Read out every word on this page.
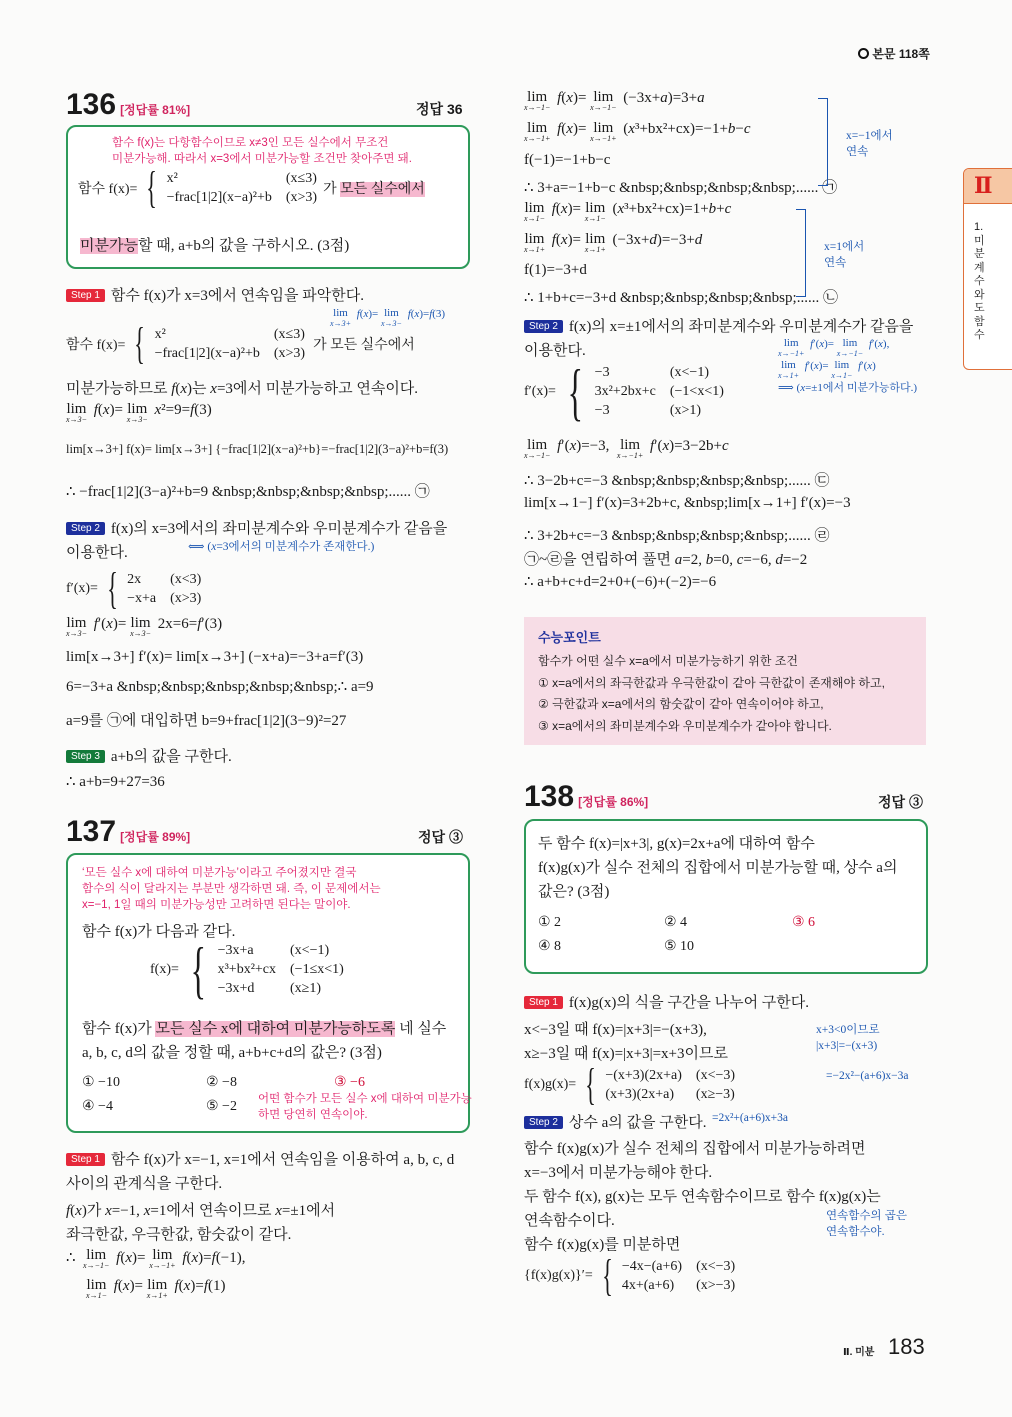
본문 118쪽
Ⅱ
1.
미
분
계
수
와
도
함
수
136 [정답률 81%]	정답 36
함수 f(x)는 다항함수이므로 x≠3인 모든 실수에서 무조건
미분가능해. 따라서 x=3에서 미분가능할 조건만 찾아주면 돼.
함수 f(x)= { x²	(x≤3)
−frac[1|2](x−a)²+b (x>3) 가 모든 실수에서
미분가능할 때, a+b의 값을 구하시오. (3점)
Step 1 함수 f(x)가 x=3에서 연속임을 파악한다.
lim
x→3+
f(x)= lim
x→3−
f(x)=f(3)
함수 f(x)= { x²	(x≤3)
−frac[1|2](x−a)²+b (x>3) 가 모든 실수에서
미분가능하므로 f(x)는 x=3에서 미분가능하고 연속이다.
lim
x→3−
f(x)= lim
x→3−
x²=9=f(3)
lim[x→3+] f(x)= lim[x→3+] {−frac[1|2](x−a)²+b}=−frac[1|2](3−a)²+b=f(3)
∴ −frac[1|2](3−a)²+b=9 &nbsp;&nbsp;&nbsp;&nbsp;...... ㉠
Step 2 f(x)의 x=3에서의 좌미분계수와 우미분계수가 같음을
이용한다.	⟺ (x=3에서의 미분계수가 존재한다.)
f′(x)= { 2x	(x<3)
−x+a (x>3)
lim
x→3−
f′(x)= lim
x→3−
2x=6=f′(3)
lim[x→3+] f′(x)= lim[x→3+] (−x+a)=−3+a=f′(3)
6=−3+a &nbsp;&nbsp;&nbsp;&nbsp;&nbsp;∴ a=9
a=9를 ㉠에 대입하면 b=9+frac[1|2](3−9)²=27
Step 3 a+b의 값을 구한다.
∴ a+b=9+27=36
137 [정답률 89%]	정답 ③
‘모든 실수 x에 대하여 미분가능’이라고 주어졌지만 결국
함수의 식이 달라지는 부분만 생각하면 돼. 즉, 이 문제에서는
x=−1, 1일 때의 미분가능성만 고려하면 된다는 말이야.
함수 f(x)가 다음과 같다.
f(x)= { −3x+a	(x<−1)
x³+bx²+cx (−1≤x<1)
−3x+d	(x≥1)
함수 f(x)가 모든 실수 x에 대하여 미분가능하도록 네 실수
a, b, c, d의 값을 정할 때, a+b+c+d의 값은? (3점)
① −10	② −8	③ −6
④ −4	⑤ −2 어떤 함수가 모든 실수 x에 대하여 미분가능
하면 당연히 연속이야.
Step 1 함수 f(x)가 x=−1, x=1에서 연속임을 이용하여 a, b, c, d
사이의 관계식을 구한다.
f(x)가 x=−1, x=1에서 연속이므로 x=±1에서
좌극한값, 우극한값, 함숫값이 같다.
∴ lim
x→−1− f(x)= lim
x→−1+ f(x)=f(−1),
lim
x→1−
f(x)= lim
x→1+
f(x)=f(1)
lim
x→−1−
f(x)= lim
x→−1−
(−3x+a)=3+a
lim
x→−1+
f(x)= lim
x→−1+
(x³+bx²+cx)=−1+b−c
f(−1)=−1+b−c
∴ 3+a=−1+b−c &nbsp;&nbsp;&nbsp;&nbsp;...... ㉠
lim
x→1−
f(x)= lim
x→1−
(x³+bx²+cx)=1+b+c
lim
x→1+
f(x)= lim
x→1+
(−3x+d)=−3+d
f(1)=−3+d
∴ 1+b+c=−3+d &nbsp;&nbsp;&nbsp;&nbsp;...... ㉡
x=−1에서
연속
x=1에서
연속
Step 2 f(x)의 x=±1에서의 좌미분계수와 우미분계수가 같음을
이용한다.	lim
x→−1+
f′(x)= lim
x→−1−
f′(x),
lim
x→1+
f′(x)= lim
x→1−
f′(x)
⟹ (x=±1에서 미분가능하다.)
f′(x)= { −3	(x<−1)
3x²+2bx+c (−1<x<1)
−3	(x>1)
lim
x→−1−
f′(x)=−3, lim
x→−1+
f′(x)=3−2b+c
∴ 3−2b+c=−3 &nbsp;&nbsp;&nbsp;&nbsp;...... ㉢
lim[x→1−] f′(x)=3+2b+c, &nbsp;lim[x→1+] f′(x)=−3
∴ 3+2b+c=−3 &nbsp;&nbsp;&nbsp;&nbsp;...... ㉣
㉠~㉣을 연립하여 풀면 a=2, b=0, c=−6, d=−2
∴ a+b+c+d=2+0+(−6)+(−2)=−6
수능포인트
함수가 어떤 실수 x=a에서 미분가능하기 위한 조건
① x=a에서의 좌극한값과 우극한값이 같아 극한값이 존재해야 하고,
② 극한값과 x=a에서의 함숫값이 같아 연속이어야 하고,
③ x=a에서의 좌미분계수와 우미분계수가 같아야 합니다.
138 [정답률 86%]	정답 ③
두 함수 f(x)=|x+3|, g(x)=2x+a에 대하여 함수
f(x)g(x)가 실수 전체의 집합에서 미분가능할 때, 상수 a의
값은? (3점)
① 2	② 4	③ 6
④ 8	⑤ 10
Step 1 f(x)g(x)의 식을 구간을 나누어 구한다.
x<−3일 때 f(x)=|x+3|=−(x+3),
x≥−3일 때 f(x)=|x+3|=x+3이므로
x+3<0이므로
|x+3|=−(x+3)
f(x)g(x)= { −(x+3)(2x+a) (x<−3)
(x+3)(2x+a)	(x≥−3)
=−2x²−(a+6)x−3a
Step 2 상수 a의 값을 구한다. =2x²+(a+6)x+3a
함수 f(x)g(x)가 실수 전체의 집합에서 미분가능하려면
x=−3에서 미분가능해야 한다.
두 함수 f(x), g(x)는 모두 연속함수이므로 함수 f(x)g(x)는
연속함수이다.
함수 f(x)g(x)를 미분하면
연속함수의 곱은
연속함수야.
{f(x)g(x)}′= { −4x−(a+6) (x<−3)
4x+(a+6)	(x>−3)
Ⅱ. 미분 183
